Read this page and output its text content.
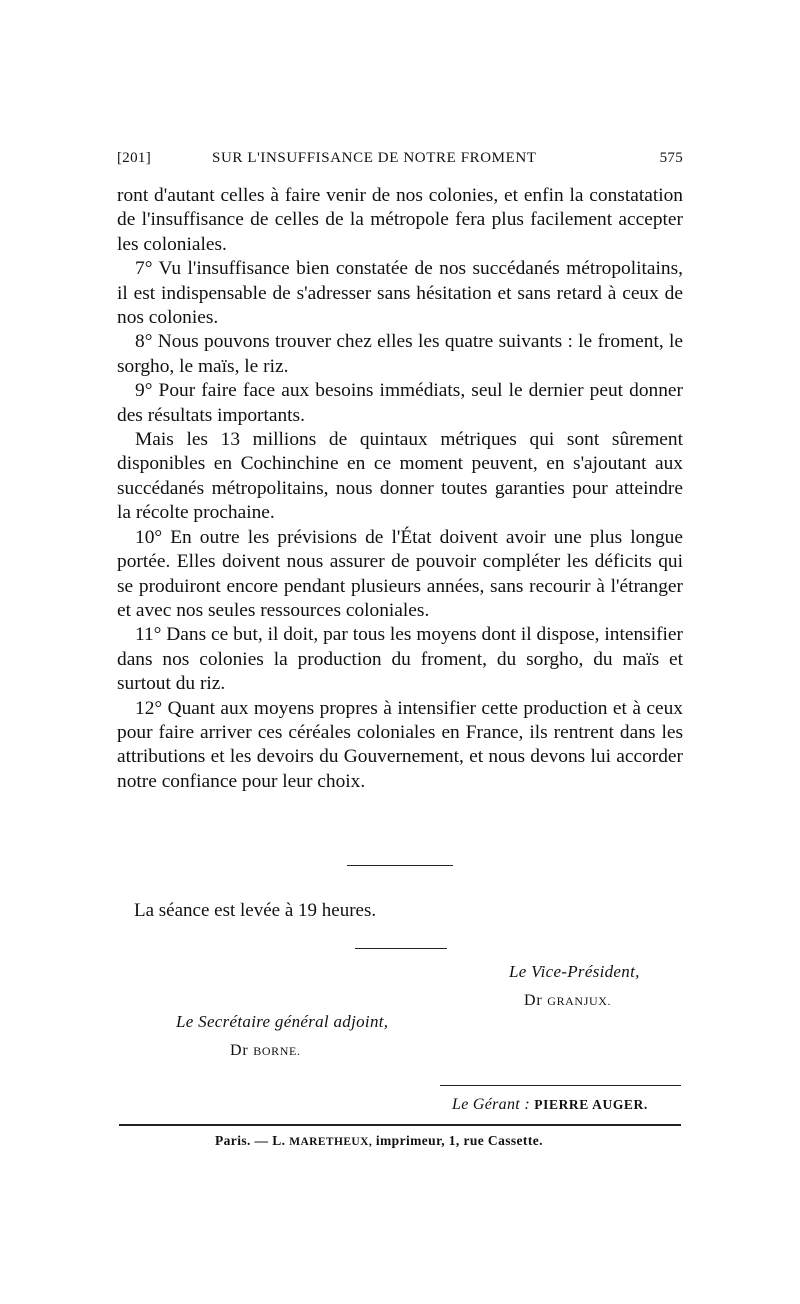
[201]	SUR L'INSUFFISANCE DE NOTRE FROMENT	575

ront d'autant celles à faire venir de nos colonies, et enfin la constatation de l'insuffisance de celles de la métropole fera plus facilement accepter les coloniales.

7° Vu l'insuffisance bien constatée de nos succédanés métropolitains, il est indispensable de s'adresser sans hésitation et sans retard à ceux de nos colonies.

8° Nous pouvons trouver chez elles les quatre suivants : le froment, le sorgho, le maïs, le riz.

9° Pour faire face aux besoins immédiats, seul le dernier peut donner des résultats importants.

Mais les 13 millions de quintaux métriques qui sont sûrement disponibles en Cochinchine en ce moment peuvent, en s'ajoutant aux succédanés métropolitains, nous donner toutes garanties pour atteindre la récolte prochaine.

10° En outre les prévisions de l'État doivent avoir une plus longue portée. Elles doivent nous assurer de pouvoir compléter les déficits qui se produiront encore pendant plusieurs années, sans recourir à l'étranger et avec nos seules ressources coloniales.

11° Dans ce but, il doit, par tous les moyens dont il dispose, intensifier dans nos colonies la production du froment, du sorgho, du maïs et surtout du riz.

12° Quant aux moyens propres à intensifier cette production et à ceux pour faire arriver ces céréales coloniales en France, ils rentrent dans les attributions et les devoirs du Gouvernement, et nous devons lui accorder notre confiance pour leur choix.

La séance est levée à 19 heures.
Le Vice-Président,
Dr GRANJUX.
Le Secrétaire général adjoint,
Dr BORNE.
Le Gérant : PIERRE AUGER.
Paris. — L. MARETHEUX, imprimeur, 1, rue Cassette.
